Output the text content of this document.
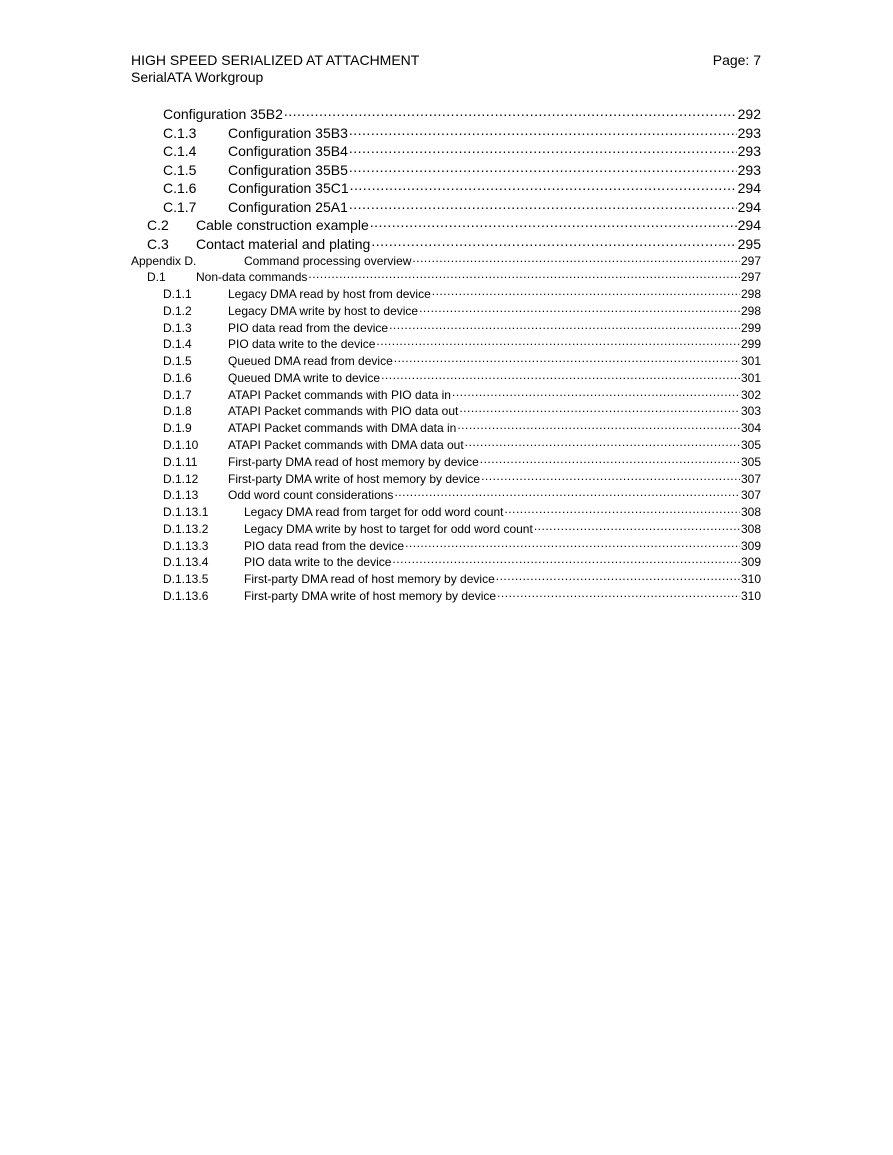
HIGH SPEED SERIALIZED AT ATTACHMENT	Page: 7
SerialATA Workgroup
Configuration 35B2 .....	292
C.1.3	Configuration 35B3 .....	293
C.1.4	Configuration 35B4 .....	293
C.1.5	Configuration 35B5 .....	293
C.1.6	Configuration 35C1 .....	294
C.1.7	Configuration 25A1 .....	294
C.2	Cable construction example .....	294
C.3	Contact material and plating .....	295
Appendix D.	Command processing overview .....	297
D.1	Non-data commands .....	297
D.1.1	Legacy DMA read by host from device .....	298
D.1.2	Legacy DMA write by host to device .....	298
D.1.3	PIO data read from the device .....	299
D.1.4	PIO data write to the device .....	299
D.1.5	Queued DMA read from device .....	301
D.1.6	Queued DMA write to device .....	301
D.1.7	ATAPI Packet commands with PIO data in .....	302
D.1.8	ATAPI Packet commands with PIO data out .....	303
D.1.9	ATAPI Packet commands with DMA data in .....	304
D.1.10	ATAPI Packet commands with DMA data out .....	305
D.1.11	First-party DMA read of host memory by device .....	305
D.1.12	First-party DMA write of host memory by device .....	307
D.1.13	Odd word count considerations .....	307
D.1.13.1	Legacy DMA read from target for odd word count .....	308
D.1.13.2	Legacy DMA write by host to target for odd word count .....	308
D.1.13.3	PIO data read from the device .....	309
D.1.13.4	PIO data write to the device .....	309
D.1.13.5	First-party DMA read of host memory by device .....	310
D.1.13.6	First-party DMA write of host memory by device .....	310
